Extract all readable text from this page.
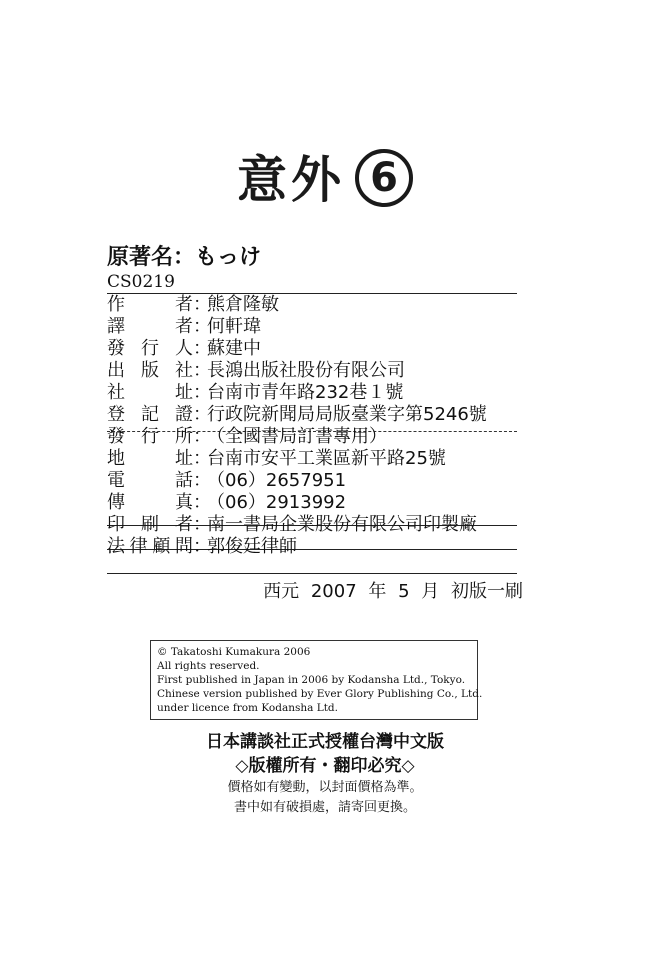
意外 6
原著名：もっけ
CS0219
作	者 ：
熊倉隆敏
譯	者 ：
何軒瑋
發 行 人 ：
蘇建中
出 版 社 ：
長鴻出版社股份有限公司
社	址 ：
台南市青年路232巷１號
登 記 證 ：
行政院新聞局局版臺業字第5246號
發 行 所 ：
（全國書局訂書專用）
地	址 ：
台南市安平工業區新平路25號
電	話 ：
（06）2657951
傳	真 ：
（06）2913992
印 刷 者 ：
南一書局企業股份有限公司印製廠
法 律 顧 問 ：
郭俊廷律師
西元 2007 年 5 月 初版一刷
© Takatoshi Kumakura 2006
All rights reserved.
First published in Japan in 2006 by Kodansha Ltd., Tokyo.
Chinese version published by Ever Glory Publishing Co., Ltd.
under licence from Kodansha Ltd.
日本講談社正式授權台灣中文版
◇版權所有・翻印必究◇
價格如有變動，以封面價格為準。
書中如有破損處，請寄回更換。
